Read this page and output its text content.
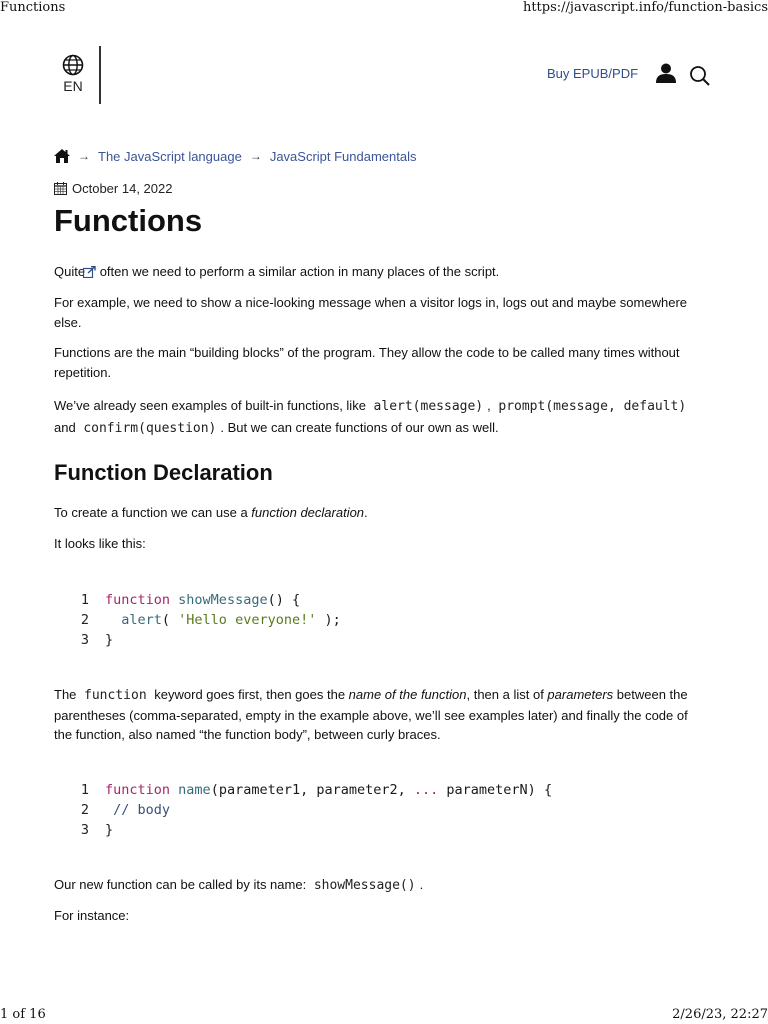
Functions	https://javascript.info/function-basics
EN
Buy EPUB/PDF
→ The JavaScript language → JavaScript Fundamentals
October 14, 2022
Functions

Quite often we need to perform a similar action in many places of the script.

For example, we need to show a nice-looking message when a visitor logs in, logs out and maybe somewhere else.

Functions are the main “building blocks” of the program. They allow the code to be called many times without repetition.

We’ve already seen examples of built-in functions, like alert(message) , prompt(message, default)
and confirm(question) . But we can create functions of our own as well.

Function Declaration

To create a function we can use a function declaration.

It looks like this:

1 function showMessage() {
2 alert( 'Hello everyone!' );
3 }

The function keyword goes first, then goes the name of the function, then a list of parameters between the parentheses (comma-separated, empty in the example above, we’ll see examples later) and finally the code of the function, also named “the function body”, between curly braces.

1 function name(parameter1, parameter2, ... parameterN) {
2 // body
3 }

Our new function can be called by its name: showMessage() .

For instance:

1 of 16	2/26/23, 22:27
